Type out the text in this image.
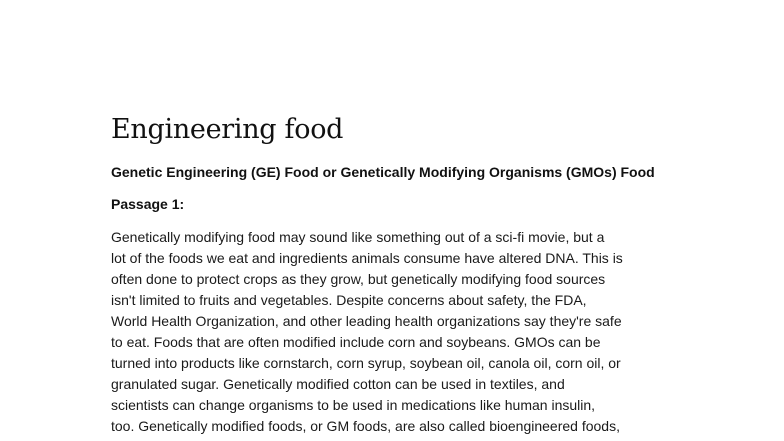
Engineering food
Genetic Engineering (GE) Food or Genetically Modifying Organisms (GMOs) Food
Passage 1:
Genetically modifying food may sound like something out of a sci-fi movie, but a
lot of the foods we eat and ingredients animals consume have altered DNA. This is
often done to protect crops as they grow, but genetically modifying food sources
isn't limited to fruits and vegetables. Despite concerns about safety, the FDA,
World Health Organization, and other leading health organizations say they're safe
to eat. Foods that are often modified include corn and soybeans. GMOs can be
turned into products like cornstarch, corn syrup, soybean oil, canola oil, corn oil, or
granulated sugar. Genetically modified cotton can be used in textiles, and
scientists can change organisms to be used in medications like human insulin,
too. Genetically modified foods, or GM foods, are also called bioengineered foods,
